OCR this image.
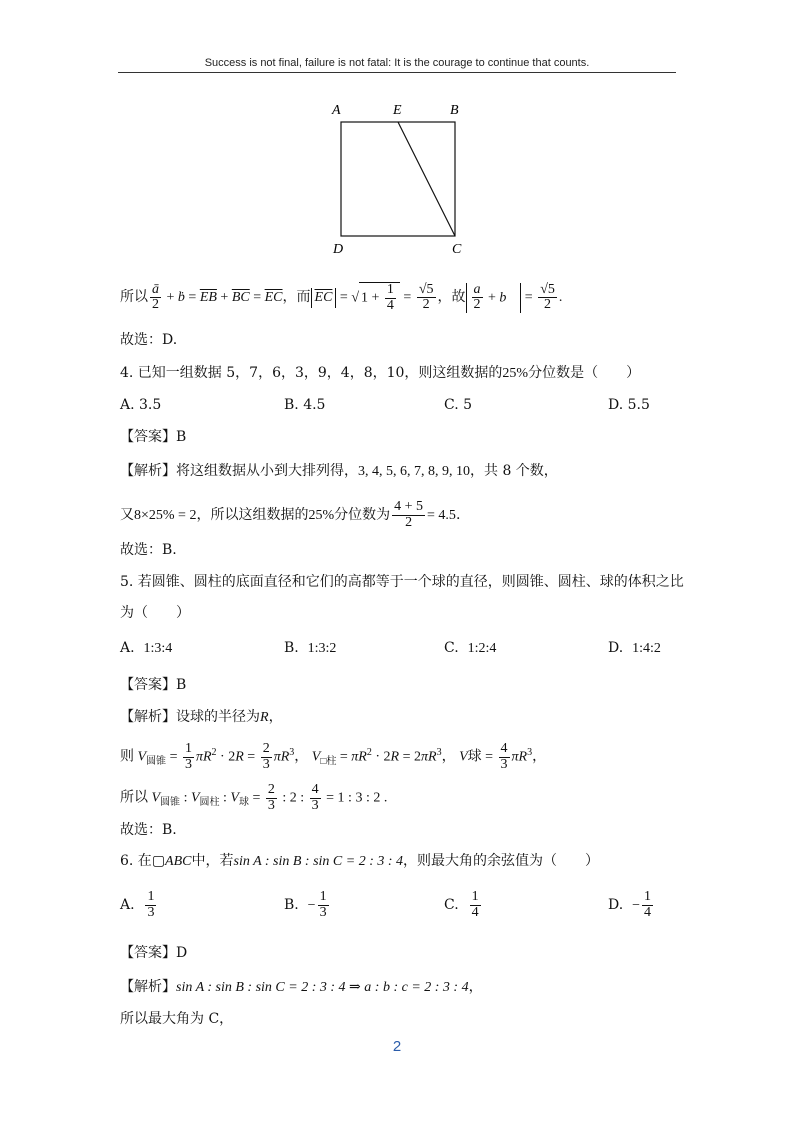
Success is not final, failure is not fatal: It is the courage to continue that counts.
A	E	B
D	C
所以 $\frac{ā}{2}$ + ḃ = $\overline{EB} + \overline{BC} = \overline{EC}$，而 $\overline{EC}$ = √ $1 + \frac{1}{4} = \frac{√5}{2}$ ，故 $\frac{a}{2}$ + b⃗ = $\frac{√5}{2}$ .
故选：D.
4. 已知一组数据 5，7，6，3，9，4，8，10，则这组数据的25%分位数是（　　）
A. 3.5	B. 4.5	C. 5	D. 5.5
【答案】B
【解析】将这组数据从小到大排列得，3, 4, 5, 6, 7, 8, 9, 10，共 8 个数，
又8×25% = 2，所以这组数据的25%分位数为 $\frac{4 + 5}{2} = 4.5$.
故选：B.
5. 若圆锥、圆柱的底面直径和它们的高都等于一个球的直径，则圆锥、圆柱、球的体积之比
为（　　）
A. 1:3:4	B. 1:3:2	C. 1:2:4	D. 1:4:2
【答案】B
【解析】设球的半径为R，
则 $V_{圆锥} = \frac{1}{3} \pi R^2 \cdot 2R = \frac{2}{3} \pi R^3$， $V_{□柱} = \pi R^2 \cdot 2R = 2\pi R^3$， V球 = $\frac{4}{3} \pi R^3$，
所以 $V_{圆锥}$ : $V_{圆柱}$ : $V_球 = \frac{2}{3}$ : 2 : $\frac{4}{3} = 1$ : 3 : 2 .
故选：B.
6. 在▢ABC中，若sin A : sin B : sin C = 2 : 3 : 4，则最大角的余弦值为（　　）
A. $\frac{1}{3}$	B. − $\frac{1}{3}$	C. $\frac{1}{4}$	D. − $\frac{1}{4}$
【答案】D
【解析】sin A : sin B : sin C = 2 : 3 : 4 ⇒ a : b : c = 2 : 3 : 4，
所以最大角为 C，
2
